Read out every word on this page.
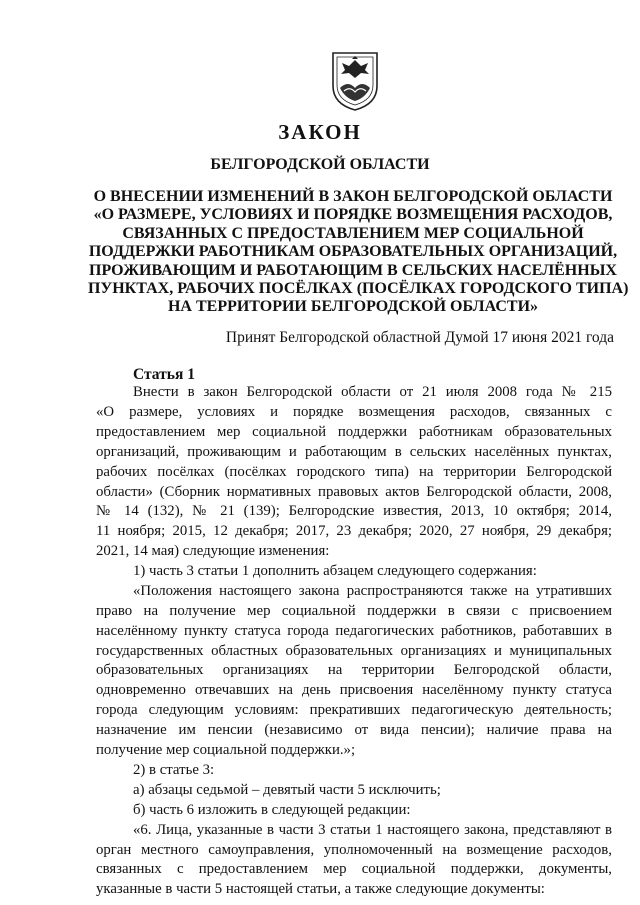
ЗАКОН
БЕЛГОРОДСКОЙ ОБЛАСТИ
О ВНЕСЕНИИ ИЗМЕНЕНИЙ В ЗАКОН БЕЛГОРОДСКОЙ ОБЛАСТИ
«О РАЗМЕРЕ, УСЛОВИЯХ И ПОРЯДКЕ ВОЗМЕЩЕНИЯ РАСХОДОВ,
СВЯЗАННЫХ С ПРЕДОСТАВЛЕНИЕМ МЕР СОЦИАЛЬНОЙ
ПОДДЕРЖКИ РАБОТНИКАМ ОБРАЗОВАТЕЛЬНЫХ ОРГАНИЗАЦИЙ,
ПРОЖИВАЮЩИМ И РАБОТАЮЩИМ В СЕЛЬСКИХ НАСЕЛЁННЫХ
ПУНКТАХ, РАБОЧИХ ПОСЁЛКАХ (ПОСЁЛКАХ ГОРОДСКОГО ТИПА)
НА ТЕРРИТОРИИ БЕЛГОРОДСКОЙ ОБЛАСТИ»
Принят Белгородской областной Думой 17 июня 2021 года
Статья 1
Внести в закон Белгородской области от 21 июля 2008 года № 215
«О размере, условиях и порядке возмещения расходов, связанных с
предоставлением мер социальной поддержки работникам образовательных
организаций, проживающим и работающим в сельских населённых пунктах,
рабочих посёлках (посёлках городского типа) на территории Белгородской
области» (Сборник нормативных правовых актов Белгородской области, 2008,
№ 14 (132), № 21 (139); Белгородские известия, 2013, 10 октября; 2014,
11 ноября; 2015, 12 декабря; 2017, 23 декабря; 2020, 27 ноября, 29 декабря;
2021, 14 мая) следующие изменения:
1) часть 3 статьи 1 дополнить абзацем следующего содержания:
«Положения настоящего закона распространяются также на утративших
право на получение мер социальной поддержки в связи с присвоением
населённому пункту статуса города педагогических работников, работавших в
государственных областных образовательных организациях и муниципальных
образовательных организациях на территории Белгородской области,
одновременно отвечавших на день присвоения населённому пункту статуса
города следующим условиям: прекративших педагогическую деятельность;
назначение им пенсии (независимо от вида пенсии); наличие права на
получение мер социальной поддержки.»;
2) в статье 3:
а) абзацы седьмой – девятый части 5 исключить;
б) часть 6 изложить в следующей редакции:
«6. Лица, указанные в части 3 статьи 1 настоящего закона, представляют в
орган местного самоуправления, уполномоченный на возмещение расходов,
связанных с предоставлением мер социальной поддержки, документы,
указанные в части 5 настоящей статьи, а также следующие документы:
